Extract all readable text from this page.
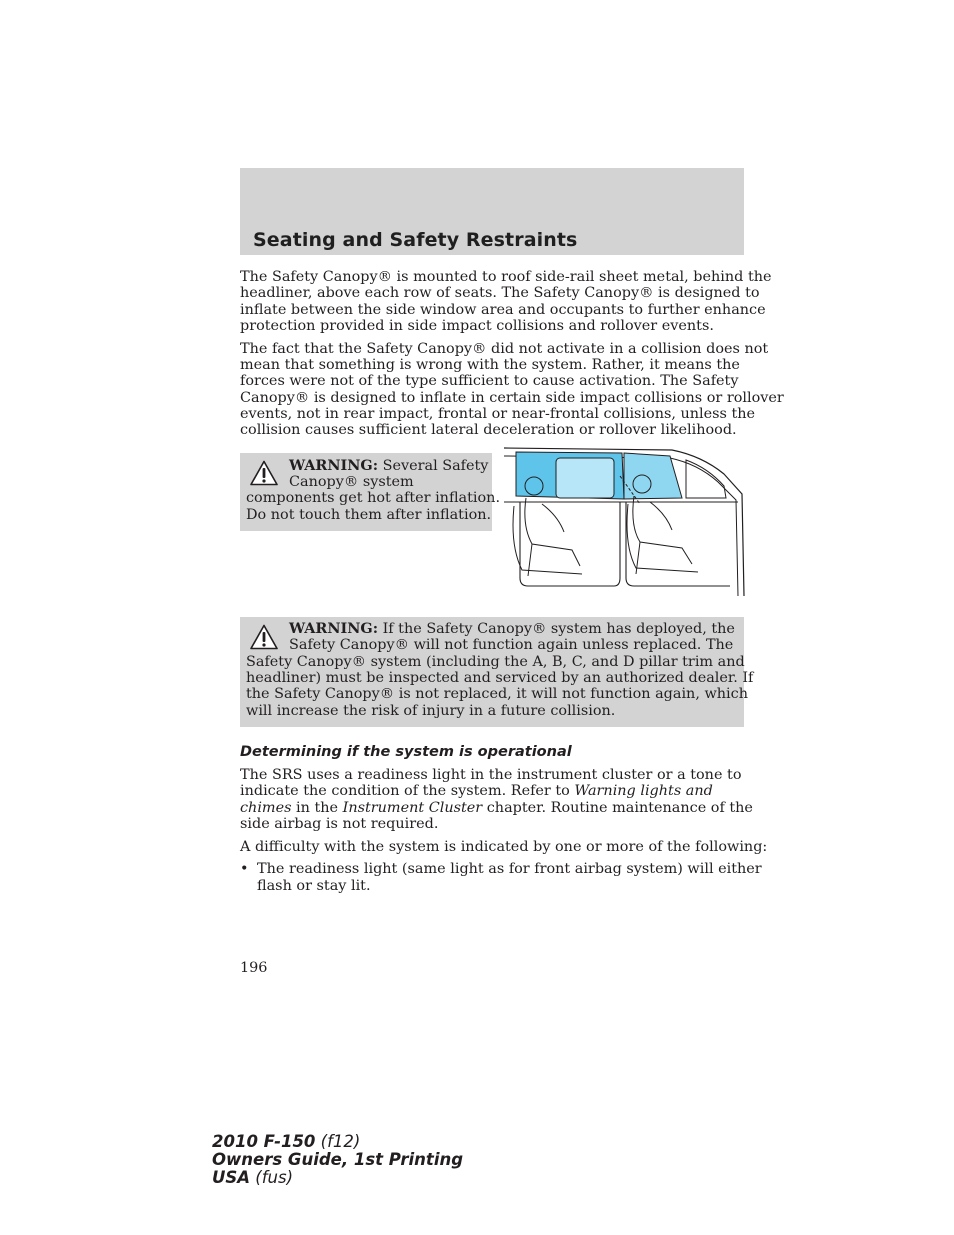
Seating and Safety Restraints
The Safety Canopy® is mounted to roof side-rail sheet metal, behind the
headliner, above each row of seats. The Safety Canopy® is designed to
inflate between the side window area and occupants to further enhance
protection provided in side impact collisions and rollover events.
The fact that the Safety Canopy® did not activate in a collision does not
mean that something is wrong with the system. Rather, it means the
forces were not of the type sufficient to cause activation. The Safety
Canopy® is designed to inflate in certain side impact collisions or rollover
events, not in rear impact, frontal or near-frontal collisions, unless the
collision causes sufficient lateral deceleration or rollover likelihood.
WARNING: Several Safety
Canopy® system
components get hot after inflation.
Do not touch them after inflation.
WARNING: If the Safety Canopy® system has deployed, the
Safety Canopy® will not function again unless replaced. The
Safety Canopy® system (including the A, B, C, and D pillar trim and
headliner) must be inspected and serviced by an authorized dealer. If
the Safety Canopy® is not replaced, it will not function again, which
will increase the risk of injury in a future collision.
Determining if the system is operational
The SRS uses a readiness light in the instrument cluster or a tone to
indicate the condition of the system. Refer to Warning lights and
chimes in the Instrument Cluster chapter. Routine maintenance of the
side airbag is not required.
A difficulty with the system is indicated by one or more of the following:
• The readiness light (same light as for front airbag system) will either
flash or stay lit.
196
2010 F-150 (f12)
Owners Guide, 1st Printing
USA (fus)
